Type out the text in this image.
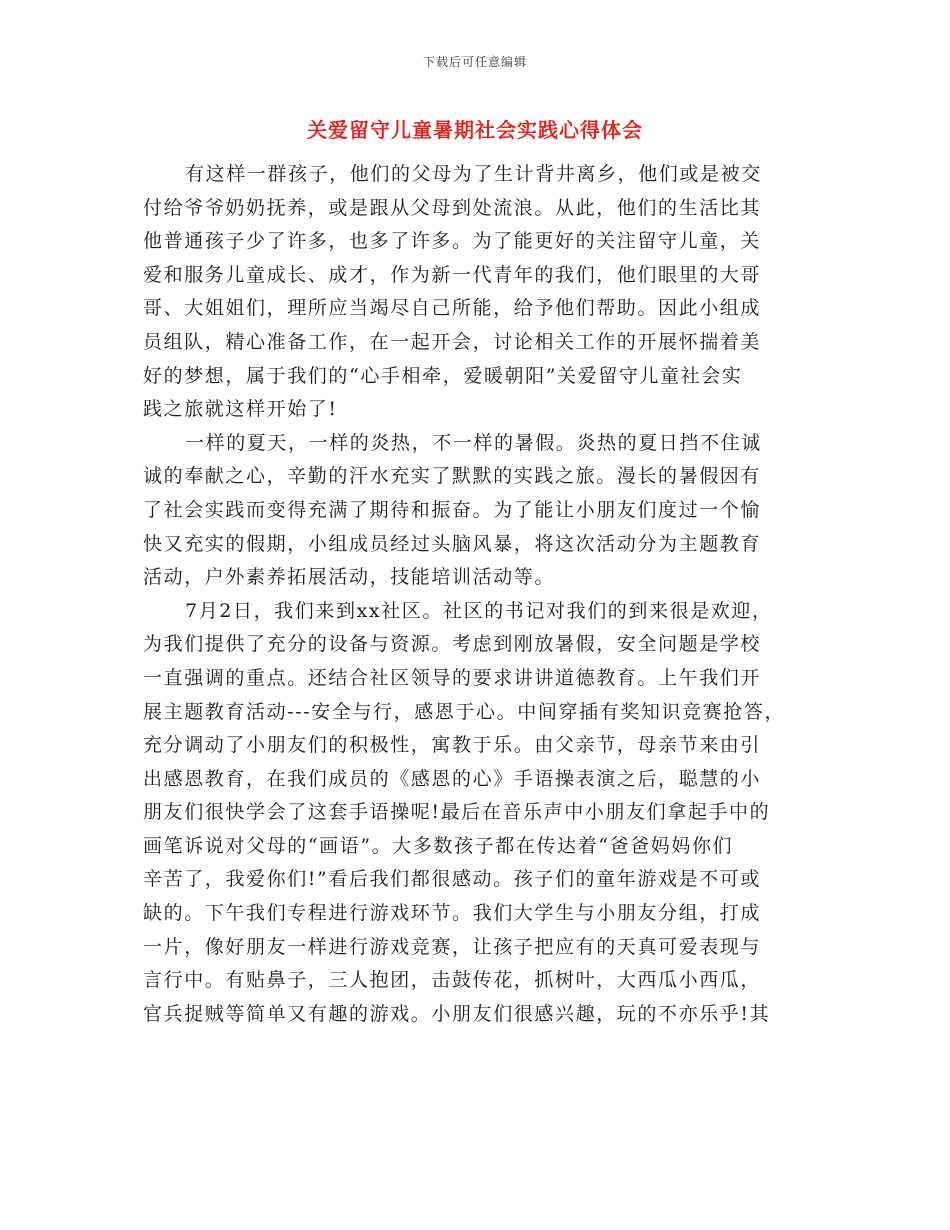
下载后可任意编辑
关爱留守儿童暑期社会实践心得体会
有这样一群孩子，他们的父母为了生计背井离乡，他们或是被交
付给爷爷奶奶抚养，或是跟从父母到处流浪。从此，他们的生活比其
他普通孩子少了许多，也多了许多。为了能更好的关注留守儿童，关
爱和服务儿童成长、成才，作为新一代青年的我们，他们眼里的大哥
哥、大姐姐们，理所应当竭尽自己所能，给予他们帮助。因此小组成
员组队，精心准备工作，在一起开会，讨论相关工作的开展怀揣着美
好的梦想，属于我们的“心手相牵，爱暖朝阳”关爱留守儿童社会实
践之旅就这样开始了!
一样的夏天，一样的炎热，不一样的暑假。炎热的夏日挡不住诚
诚的奉献之心，辛勤的汗水充实了默默的实践之旅。漫长的暑假因有
了社会实践而变得充满了期待和振奋。为了能让小朋友们度过一个愉
快又充实的假期，小组成员经过头脑风暴，将这次活动分为主题教育
活动，户外素养拓展活动，技能培训活动等。
7月2日，我们来到xx社区。社区的书记对我们的到来很是欢迎，
为我们提供了充分的设备与资源。考虑到刚放暑假，安全问题是学校
一直强调的重点。还结合社区领导的要求讲讲道德教育。上午我们开
展主题教育活动---安全与行，感恩于心。中间穿插有奖知识竞赛抢答，
充分调动了小朋友们的积极性，寓教于乐。由父亲节，母亲节来由引
出感恩教育，在我们成员的《感恩的心》手语操表演之后，聪慧的小
朋友们很快学会了这套手语操呢!最后在音乐声中小朋友们拿起手中的
画笔诉说对父母的“画语”。大多数孩子都在传达着“爸爸妈妈你们
辛苦了，我爱你们!”看后我们都很感动。孩子们的童年游戏是不可或
缺的。下午我们专程进行游戏环节。我们大学生与小朋友分组，打成
一片，像好朋友一样进行游戏竞赛，让孩子把应有的天真可爱表现与
言行中。有贴鼻子，三人抱团，击鼓传花，抓树叶，大西瓜小西瓜，
官兵捉贼等简单又有趣的游戏。小朋友们很感兴趣，玩的不亦乐乎!其
